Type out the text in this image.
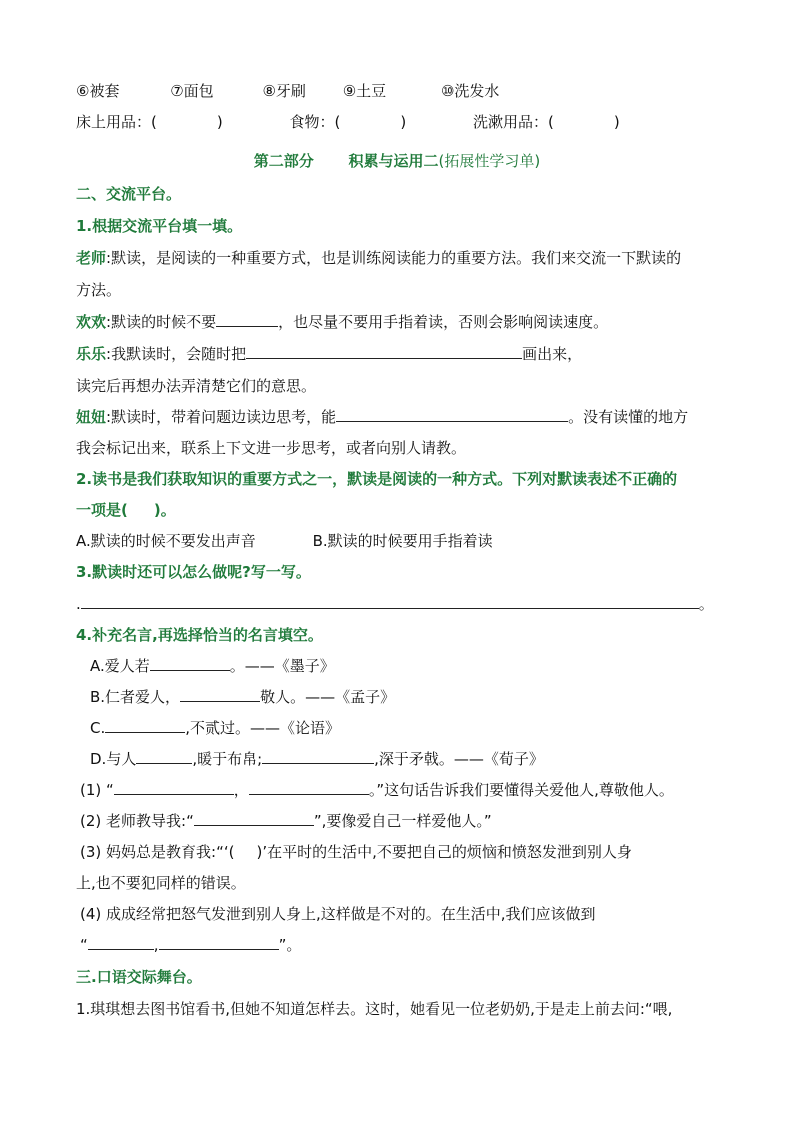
⑥被套	⑦面包	⑧牙刷 ⑨土豆	⑩洗发水
床上用品：(	)	食物：(	)	洗漱用品：(	)
第二部分 积累与运用二(拓展性学习单)
二、交流平台。
1.根据交流平台填一填。
老师:默读，是阅读的一种重要方式，也是训练阅读能力的重要方法。我们来交流一下默读的
方法。
欢欢:默读的时候不要	，也尽量不要用手指着读，否则会影响阅读速度。
乐乐:我默读时，会随时把	画出来，
读完后再想办法弄清楚它们的意思。
妞妞:默读时，带着问题边读边思考，能	。没有读懂的地方
我会标记出来，联系上下文进一步思考，或者向别人请教。
2.读书是我们获取知识的重要方式之一，默读是阅读的一种方式。下列对默读表述不正确的
一项是( )。
A.默读的时候不要发出声音	B.默读的时候要用手指着读
3.默读时还可以怎么做呢?写一写。
.	。
4.补充名言,再选择恰当的名言填空。
A.爱人若	。——《墨子》
B.仁者爱人，	敬人。——《孟子》
C.	,不贰过。——《论语》
D.与人	,暖于布帛;	,深于矛戟。——《荀子》
(1) “	，	。”这句话告诉我们要懂得关爱他人,尊敬他人。
(2) 老师教导我:“	”,要像爱自己一样爱他人。”
(3) 妈妈总是教育我:“‘( )’在平时的生活中,不要把自己的烦恼和愤怒发泄到别人身
上,也不要犯同样的错误。
(4) 成成经常把怒气发泄到别人身上,这样做是不对的。在生活中,我们应该做到
“	,	”。
三.口语交际舞台。
1.琪琪想去图书馆看书,但她不知道怎样去。这时，她看见一位老奶奶,于是走上前去问:“喂,
